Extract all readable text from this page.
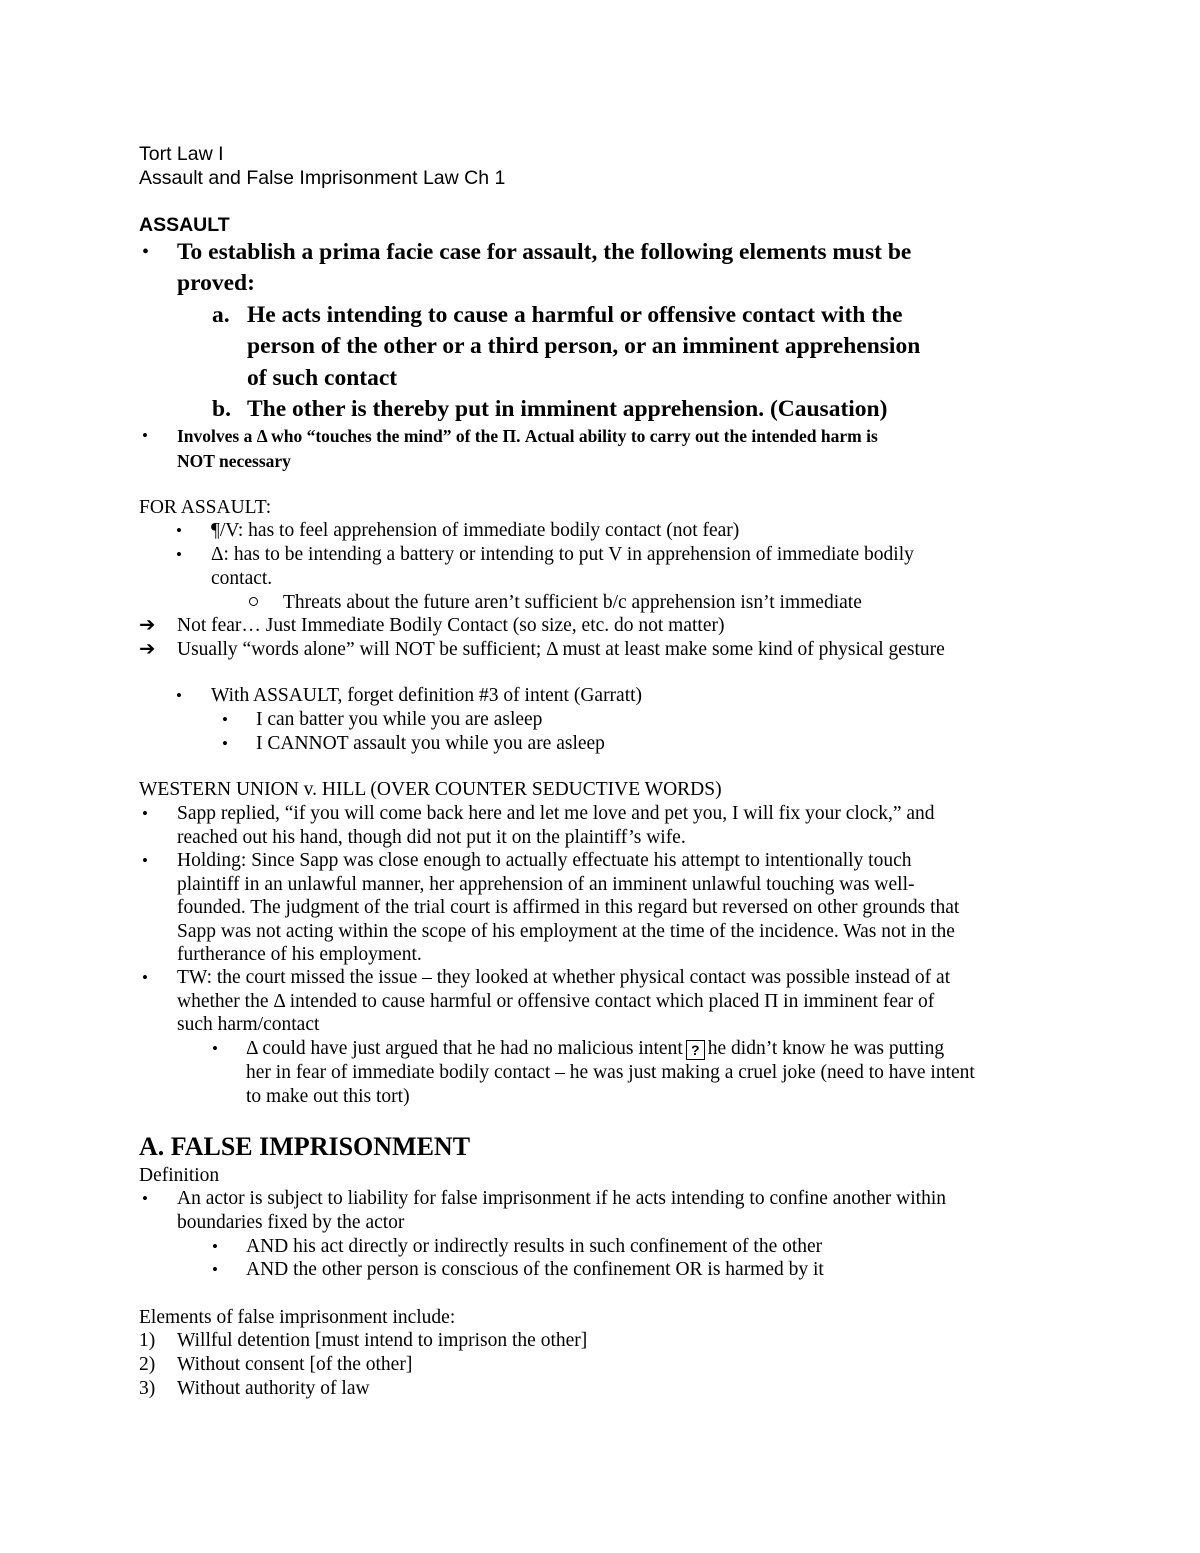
Tort Law I

Assault and False Imprisonment Law Ch 1

ASSAULT

• To establish a prima facie case for assault, the following elements must be

proved:

a. He acts intending to cause a harmful or offensive contact with the

person of the other or a third person, or an imminent apprehension

of such contact

b. The other is thereby put in imminent apprehension. (Causation)

• Involves a Δ who “touches the mind” of the Π. Actual ability to carry out the intended harm is

NOT necessary

FOR ASSAULT:

• ¶/V: has to feel apprehension of immediate bodily contact (not fear)

• Δ: has to be intending a battery or intending to put V in apprehension of immediate bodily

contact.

Threats about the future aren’t sufficient b/c apprehension isn’t immediate

➔ Not fear… Just Immediate Bodily Contact (so size, etc. do not matter)

➔ Usually “words alone” will NOT be sufficient; Δ must at least make some kind of physical gesture

• With ASSAULT, forget definition #3 of intent (Garratt)

• I can batter you while you are asleep

• I CANNOT assault you while you are asleep

WESTERN UNION v. HILL (OVER COUNTER SEDUCTIVE WORDS)

• Sapp replied, “if you will come back here and let me love and pet you, I will fix your clock,” and

reached out his hand, though did not put it on the plaintiff’s wife.

• Holding: Since Sapp was close enough to actually effectuate his attempt to intentionally touch

plaintiff in an unlawful manner, her apprehension of an imminent unlawful touching was well-

founded. The judgment of the trial court is affirmed in this regard but reversed on other grounds that

Sapp was not acting within the scope of his employment at the time of the incidence. Was not in the

furtherance of his employment.

• TW: the court missed the issue – they looked at whether physical contact was possible instead of at

whether the Δ intended to cause harmful or offensive contact which placed Π in imminent fear of

such harm/contact

• Δ could have just argued that he had no malicious intent ? he didn’t know he was putting

her in fear of immediate bodily contact – he was just making a cruel joke (need to have intent

to make out this tort)

A. FALSE IMPRISONMENT

Definition

• An actor is subject to liability for false imprisonment if he acts intending to confine another within

boundaries fixed by the actor

• AND his act directly or indirectly results in such confinement of the other

• AND the other person is conscious of the confinement OR is harmed by it

Elements of false imprisonment include:

1) Willful detention [must intend to imprison the other]

2) Without consent [of the other]

3) Without authority of law
